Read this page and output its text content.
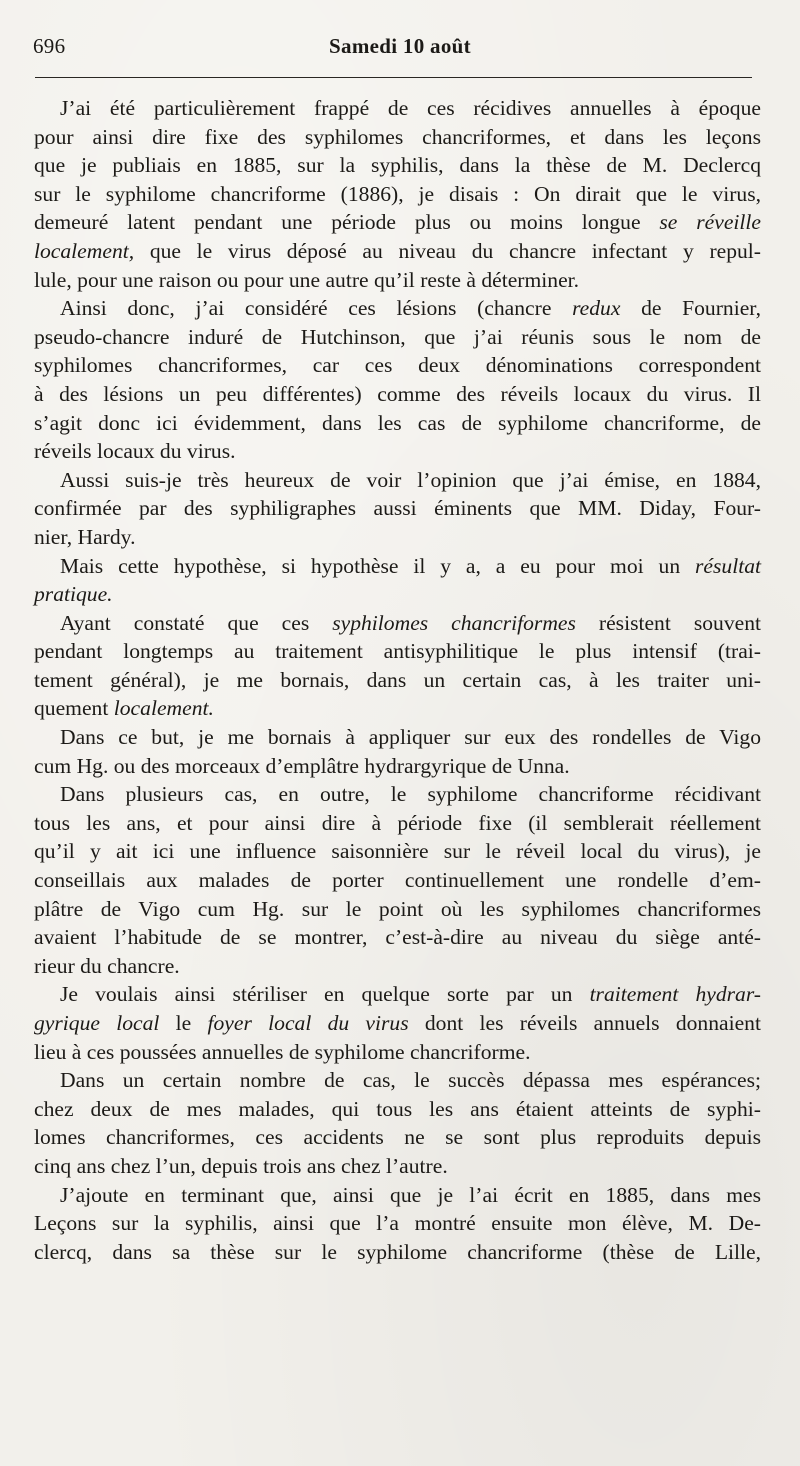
696	Samedi 10 août
J’ai été particulièrement frappé de ces récidives annuelles à époque
pour ainsi dire fixe des syphilomes chancriformes, et dans les leçons
que je publiais en 1885, sur la syphilis, dans la thèse de M. Declercq
sur le syphilome chancriforme (1886), je disais : On dirait que le virus,
demeuré latent pendant une période plus ou moins longue se réveille
localement, que le virus déposé au niveau du chancre infectant y repul-
lule, pour une raison ou pour une autre qu’il reste à déterminer.
Ainsi donc, j’ai considéré ces lésions (chancre redux de Fournier,
pseudo-chancre induré de Hutchinson, que j’ai réunis sous le nom de
syphilomes chancriformes, car ces deux dénominations correspondent
à des lésions un peu différentes) comme des réveils locaux du virus. Il
s’agit donc ici évidemment, dans les cas de syphilome chancriforme, de
réveils locaux du virus.
Aussi suis-je très heureux de voir l’opinion que j’ai émise, en 1884,
confirmée par des syphiligraphes aussi éminents que MM. Diday, Four-
nier, Hardy.
Mais cette hypothèse, si hypothèse il y a, a eu pour moi un résultat
pratique.
Ayant constaté que ces syphilomes chancriformes résistent souvent
pendant longtemps au traitement antisyphilitique le plus intensif (trai-
tement général), je me bornais, dans un certain cas, à les traiter uni-
quement localement.
Dans ce but, je me bornais à appliquer sur eux des rondelles de Vigo
cum Hg. ou des morceaux d’emplâtre hydrargyrique de Unna.
Dans plusieurs cas, en outre, le syphilome chancriforme récidivant
tous les ans, et pour ainsi dire à période fixe (il semblerait réellement
qu’il y ait ici une influence saisonnière sur le réveil local du virus), je
conseillais aux malades de porter continuellement une rondelle d’em-
plâtre de Vigo cum Hg. sur le point où les syphilomes chancriformes
avaient l’habitude de se montrer, c’est-à-dire au niveau du siège anté-
rieur du chancre.
Je voulais ainsi stériliser en quelque sorte par un traitement hydrar-
gyrique local le foyer local du virus dont les réveils annuels donnaient
lieu à ces poussées annuelles de syphilome chancriforme.
Dans un certain nombre de cas, le succès dépassa mes espérances;
chez deux de mes malades, qui tous les ans étaient atteints de syphi-
lomes chancriformes, ces accidents ne se sont plus reproduits depuis
cinq ans chez l’un, depuis trois ans chez l’autre.
J’ajoute en terminant que, ainsi que je l’ai écrit en 1885, dans mes
Leçons sur la syphilis, ainsi que l’a montré ensuite mon élève, M. De-
clercq, dans sa thèse sur le syphilome chancriforme (thèse de Lille,
